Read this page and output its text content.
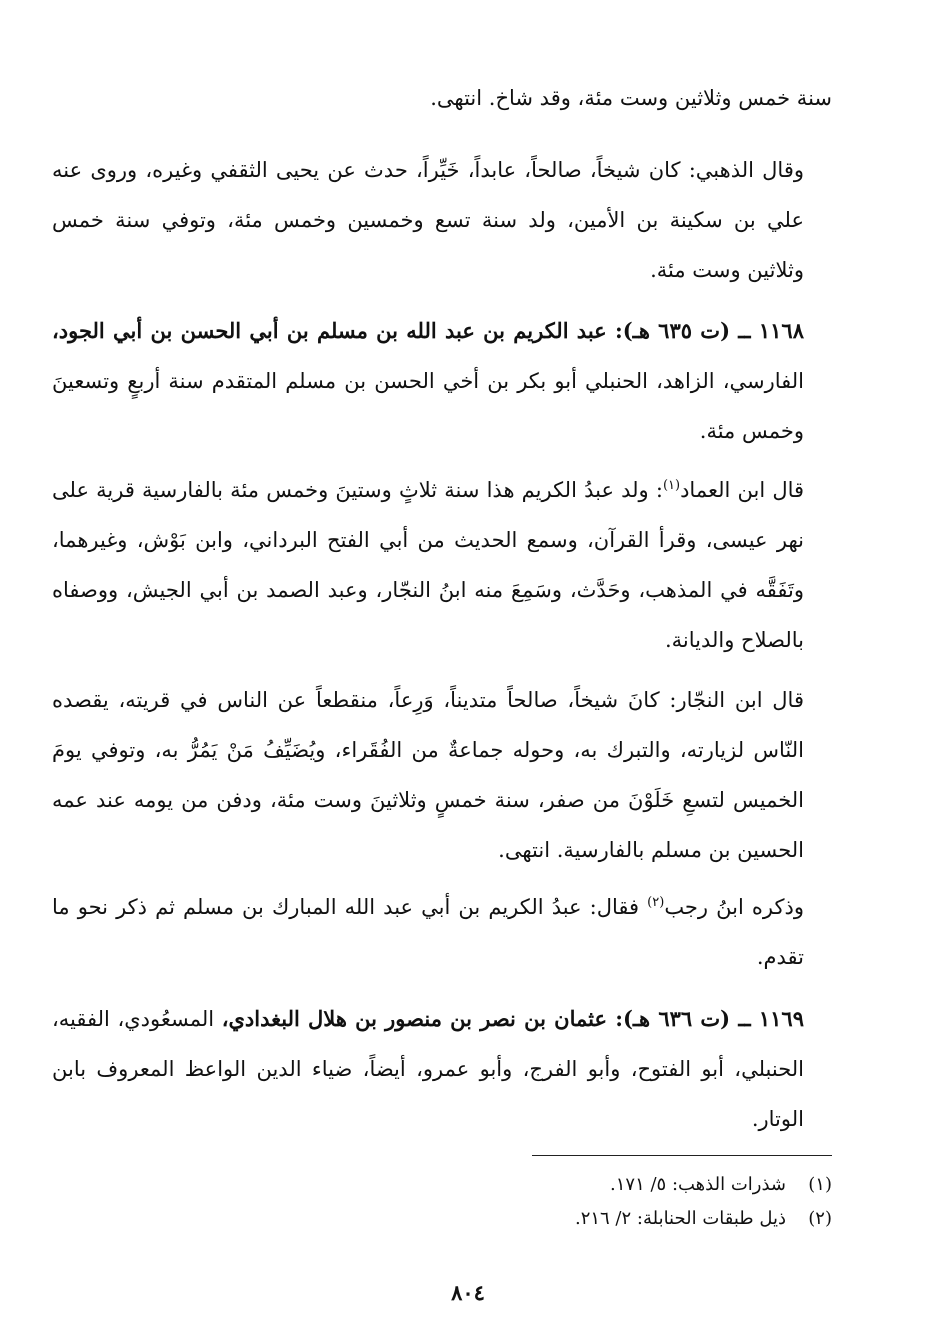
سنة خمس وثلاثين وست مئة، وقد شاخ. انتهى.

وقال الذهبي: كان شيخاً، صالحاً، عابداً، خَيِّراً، حدث عن يحيى الثقفي وغيره، وروى عنه علي بن سكينة بن الأمين، ولد سنة تسع وخمسين وخمس مئة، وتوفي سنة خمس وثلاثين وست مئة.

١١٦٨ ــ (ت ٦٣٥ هـ): عبد الكريم بن عبد الله بن مسلم بن أبي الحسن بن أبي الجود، الفارسي، الزاهد، الحنبلي أبو بكر بن أخي الحسن بن مسلم المتقدم سنة أربعٍ وتسعينَ وخمس مئة.

قال ابن العماد$^{(١)}$: ولد عبدُ الكريم هذا سنة ثلاثٍ وستينَ وخمس مئة بالفارسية قرية على نهر عيسى، وقرأ القرآن، وسمع الحديث من أبي الفتح البرداني، وابن بَوْش، وغيرهما، وتَفَقَّه في المذهب، وحَدَّث، وسَمِعَ منه ابنُ النجّار، وعبد الصمد بن أبي الجيش، ووصفاه بالصلاح والديانة.

قال ابن النجّار: كانَ شيخاً، صالحاً متديناً، وَرِعاً، منقطعاً عن الناس في قريته، يقصده النّاس لزيارته، والتبرك به، وحوله جماعةٌ من الفُقَراء، ويُضَيِّفُ مَنْ يَمُرُّ به، وتوفي يومَ الخميس لتسعِ خَلَوْنَ من صفر، سنة خمسٍ وثلاثينَ وست مئة، ودفن من يومه عند عمه الحسين بن مسلم بالفارسية. انتهى.

وذكره ابنُ رجب$^{(٢)}$ فقال: عبدُ الكريم بن أبي عبد الله المبارك بن مسلم ثم ذكر نحو ما تقدم.

١١٦٩ ــ (ت ٦٣٦ هـ): عثمان بن نصر بن منصور بن هلال البغدادي، المسعُودي، الفقيه، الحنبلي، أبو الفتوح، وأبو الفرج، وأبو عمرو، أيضاً، ضياء الدين الواعظ المعروف بابن الوتار.

(١)شذرات الذهب: ٥/ ١٧١.
(٢)ذيل طبقات الحنابلة: ٢/ ٢١٦.
٨٠٤
